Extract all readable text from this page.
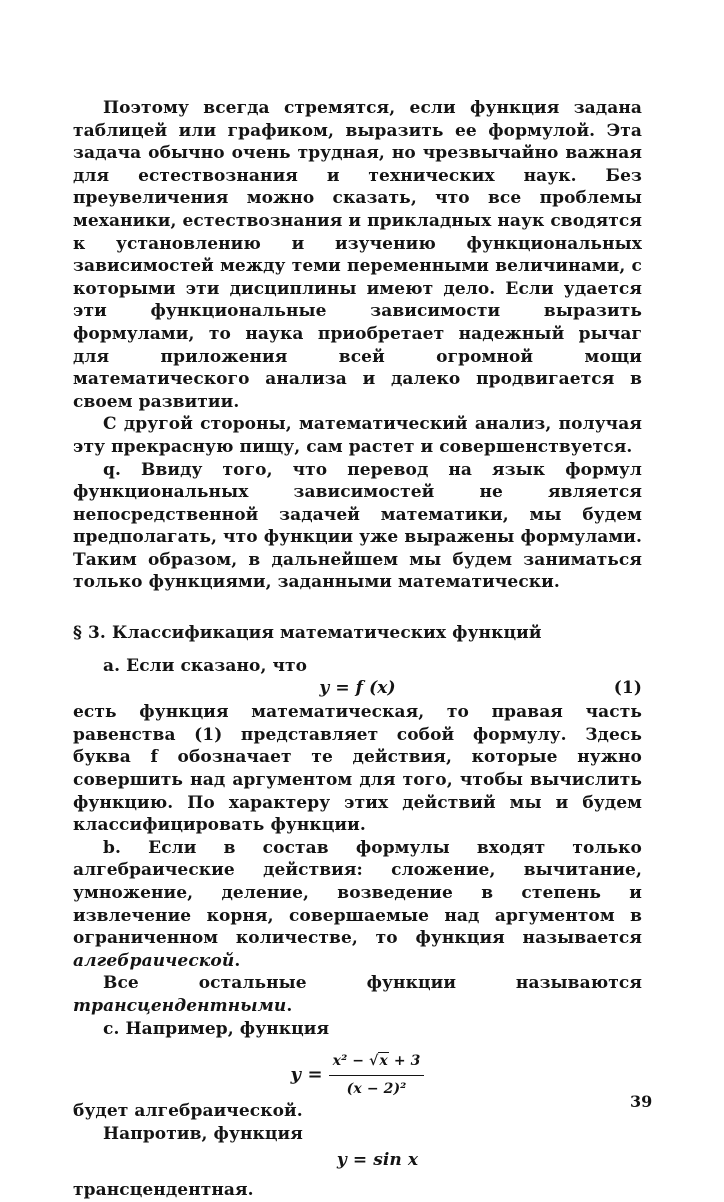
Поэтому всегда стремятся, если функция задана таблицей или графиком, выразить ее формулой. Эта задача обычно очень трудная, но чрезвычайно важная для естествознания и технических наук. Без преувеличения можно сказать, что все проблемы механики, естествознания и прикладных наук сводятся к установлению и изучению функциональных зависимостей между теми переменными величинами, с которыми эти дисциплины имеют дело. Если удается эти функциональные зависимости выразить формулами, то наука приобретает надежный рычаг для приложения всей огромной мощи математического анализа и далеко продвигается в своем развитии.

С другой стороны, математический анализ, получая эту прекрасную пищу, сам растет и совершенствуется.

q. Ввиду того, что перевод на язык формул функциональных зависимостей не является непосредственной задачей математики, мы будем предполагать, что функции уже выражены формулами. Таким образом, в дальнейшем мы будем заниматься только функциями, заданными математически.

§ 3. Классификация математических функций

a. Если сказано, что

y = f (x)	(1)

есть функция математическая, то правая часть равенства (1) представляет собой формулу. Здесь буква f обозначает те действия, которые нужно совершить над аргументом для того, чтобы вычислить функцию. По характеру этих действий мы и будем классифицировать функции.

b. Если в состав формулы входят только алгебраические действия: сложение, вычитание, умножение, деление, возведение в степень и извлечение корня, совершаемые над аргументом в ограниченном количестве, то функция называется алгебраической.

Все остальные функции называются трансцендентными.

c. Например, функция

$y = \frac{\text{x² − √x + 3}}{\text{(x − 2)²}}$

будет алгебраической.

Напротив, функция

y = sin x

трансцендентная.

39
